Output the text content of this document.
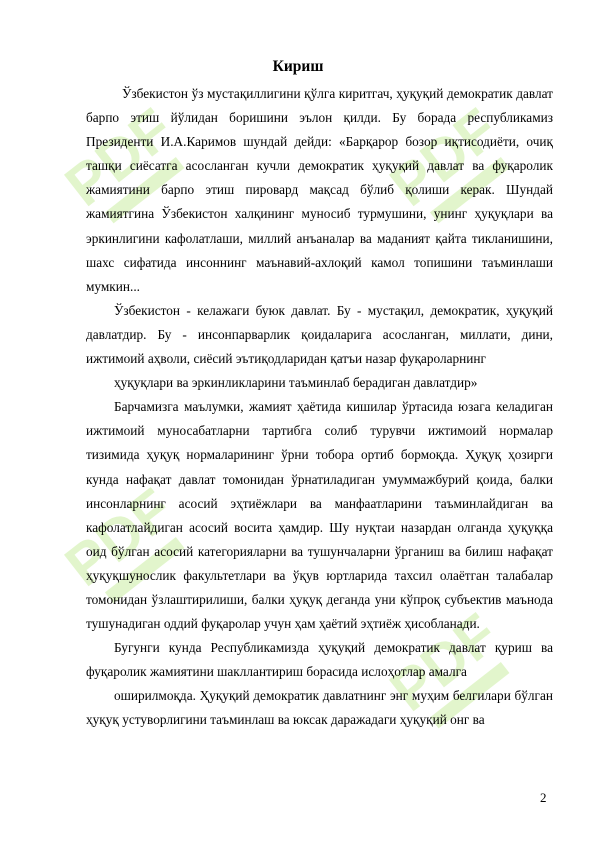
PDF	PDF
PDF
PDF
Кириш

Ўзбекистон ўз мустақиллигини қўлга киритгач, ҳуқуқий демократик давлат барпо этиш йўлидан боришини эълон қилди. Бу борада республикамиз Президенти И.А.Каримов шундай дейди: «Барқарор бозор иқтисодиёти, очиқ ташқи сиёсатга асосланган кучли демократик ҳуқуқий давлат ва фуқаролик жамиятини барпо этиш пировард мақсад бўлиб қолиши керак. Шундай жамиятгина Ўзбекистон халқининг муносиб турмушини, унинг ҳуқуқлари ва эркинлигини кафолатлаши, миллий анъаналар ва маданият қайта тикланишини, шахс сифатида инсоннинг маънавий-ахлоқий камол топишини таъминлаши мумкин...

Ўзбекистон - келажаги буюк давлат. Бу - мустақил, демократик, ҳуқуқий давлатдир. Бу - инсонпарварлик қоидаларига асосланган, миллати, дини, ижтимоий аҳволи, сиёсий эътиқодларидан қатъи назар фуқароларнинг

ҳуқуқлари ва эркинликларини таъминлаб берадиган давлатдир»

Барчамизга маълумки, жамият ҳаётида кишилар ўртасида юзага келадиган ижтимоий муносабатларни тартибга солиб турувчи ижтимоий нормалар тизимида ҳуқуқ нормаларининг ўрни тобора ортиб бормоқда. Ҳуқуқ ҳозирги кунда нафақат давлат томонидан ўрнатиладиган умуммажбурий қоида, балки инсонларнинг асосий эҳтиёжлари ва манфаатларини таъминлайдиган ва кафолатлайдиган асосий восита ҳамдир. Шу нуқтаи назардан олганда ҳуқуққа оид бўлган асосий категорияларни ва тушунчаларни ўрганиш ва билиш нафақат ҳуқуқшунослик факультетлари ва ўқув юртларида тахсил олаётган талабалар томонидан ўзлаштирилиши, балки ҳуқуқ деганда уни кўпроқ субъектив маънода тушунадиган оддий фуқаролар учун ҳам ҳаётий эҳтиёж ҳисобланади.

Бугунги кунда Республикамизда ҳуқуқий демократик давлат қуриш ва фуқаролик жамиятини шакллантириш борасида ислоҳотлар амалга

оширилмоқда. Ҳуқуқий демократик давлатнинг энг муҳим белгилари бўлган ҳуқуқ устуворлигини таъминлаш ва юксак даражадаги ҳуқуқий онг ва

2
